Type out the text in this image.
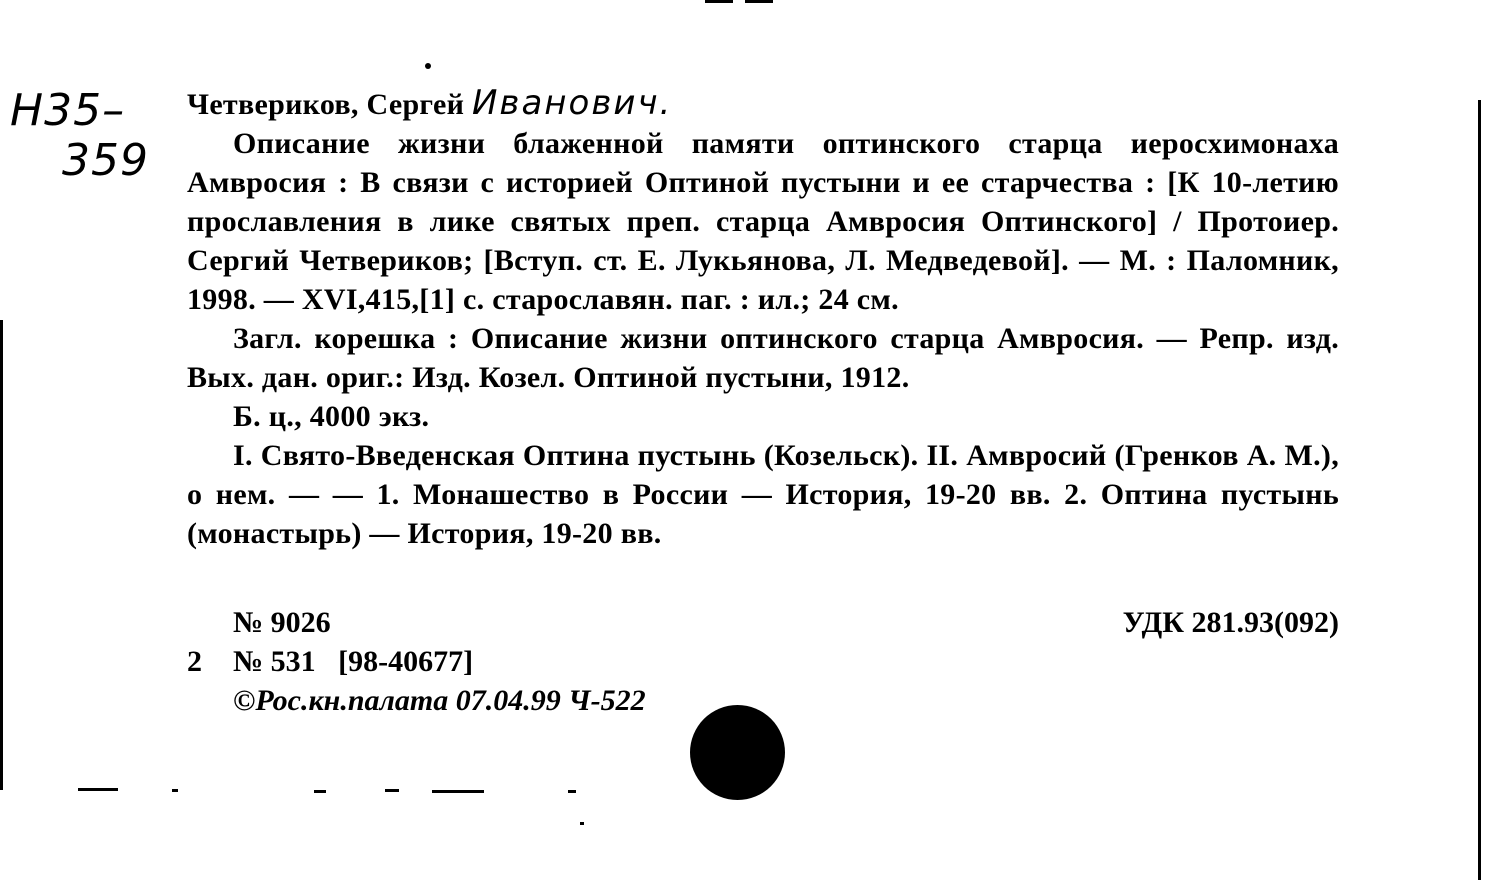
Н35–
359
Четвериков, Сергей Иванович.
Описание жизни блаженной памяти оптинского старца иеросхимонаха Амвросия : В связи с историей Оптиной пустыни и ее старчества : [К 10-летию прославления в лике святых преп. старца Амвросия Оптинского] / Протоиер. Сергий Четвериков; [Вступ. ст. Е. Лукьянова, Л. Медведевой]. — М. : Паломник, 1998. — XVI,415,[1] с. старославян. паг. : ил.; 24 см.
Загл. корешка : Описание жизни оптинского старца Амвросия. — Репр. изд. Вых. дан. ориг.: Изд. Козел. Оптиной пустыни, 1912.
Б. ц., 4000 экз.
I. Свято-Введенская Оптина пустынь (Козельск). II. Амвросий (Гренков А. М.), о нем. — — 1. Монашество в России — История, 19-20 вв. 2. Оптина пустынь (монастырь) — История, 19-20 вв.
№ 9026	УДК 281.93(092)
2 № 531 [98-40677]
©Рос.кн.палата 07.04.99 Ч-522
